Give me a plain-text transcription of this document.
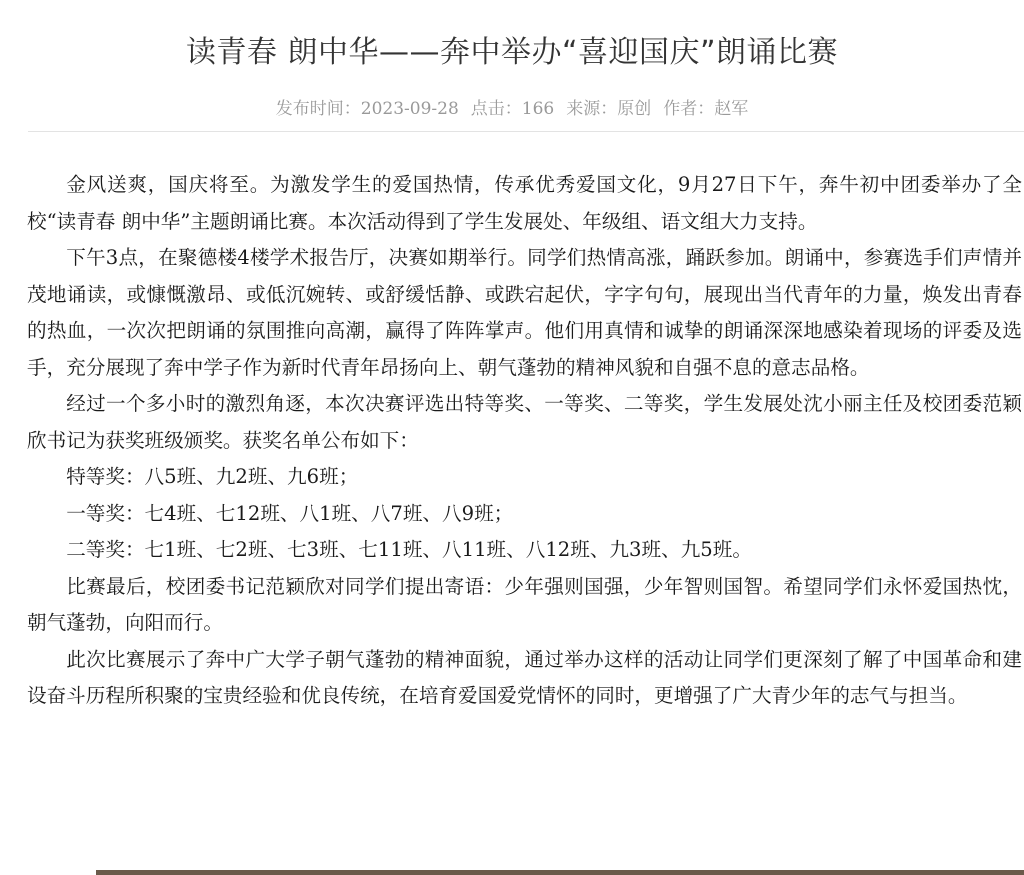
读青春 朗中华——奔中举办“喜迎国庆”朗诵比赛
发布时间：2023-09-28 点击：166 来源：原创 作者：赵军

金风送爽，国庆将至。为激发学生的爱国热情，传承优秀爱国文化，9月27日下午，奔牛初中团委举办了全校“读青春 朗中华”主题朗诵比赛。本次活动得到了学生发展处、年级组、语文组大力支持。

下午3点，在聚德楼4楼学术报告厅，决赛如期举行。同学们热情高涨，踊跃参加。朗诵中，参赛选手们声情并茂地诵读，或慷慨激昂、或低沉婉转、或舒缓恬静、或跌宕起伏，字字句句，展现出当代青年的力量，焕发出青春的热血，一次次把朗诵的氛围推向高潮，赢得了阵阵掌声。他们用真情和诚挚的朗诵深深地感染着现场的评委及选手，充分展现了奔中学子作为新时代青年昂扬向上、朝气蓬勃的精神风貌和自强不息的意志品格。

经过一个多小时的激烈角逐，本次决赛评选出特等奖、一等奖、二等奖，学生发展处沈小丽主任及校团委范颖欣书记为获奖班级颁奖。获奖名单公布如下：

特等奖：八5班、九2班、九6班；

一等奖：七4班、七12班、八1班、八7班、八9班；

二等奖：七1班、七2班、七3班、七11班、八11班、八12班、九3班、九5班。

比赛最后，校团委书记范颖欣对同学们提出寄语：少年强则国强，少年智则国智。希望同学们永怀爱国热忱，朝气蓬勃，向阳而行。

此次比赛展示了奔中广大学子朝气蓬勃的精神面貌，通过举办这样的活动让同学们更深刻了解了中国革命和建设奋斗历程所积聚的宝贵经验和优良传统，在培育爱国爱党情怀的同时，更增强了广大青少年的志气与担当。
